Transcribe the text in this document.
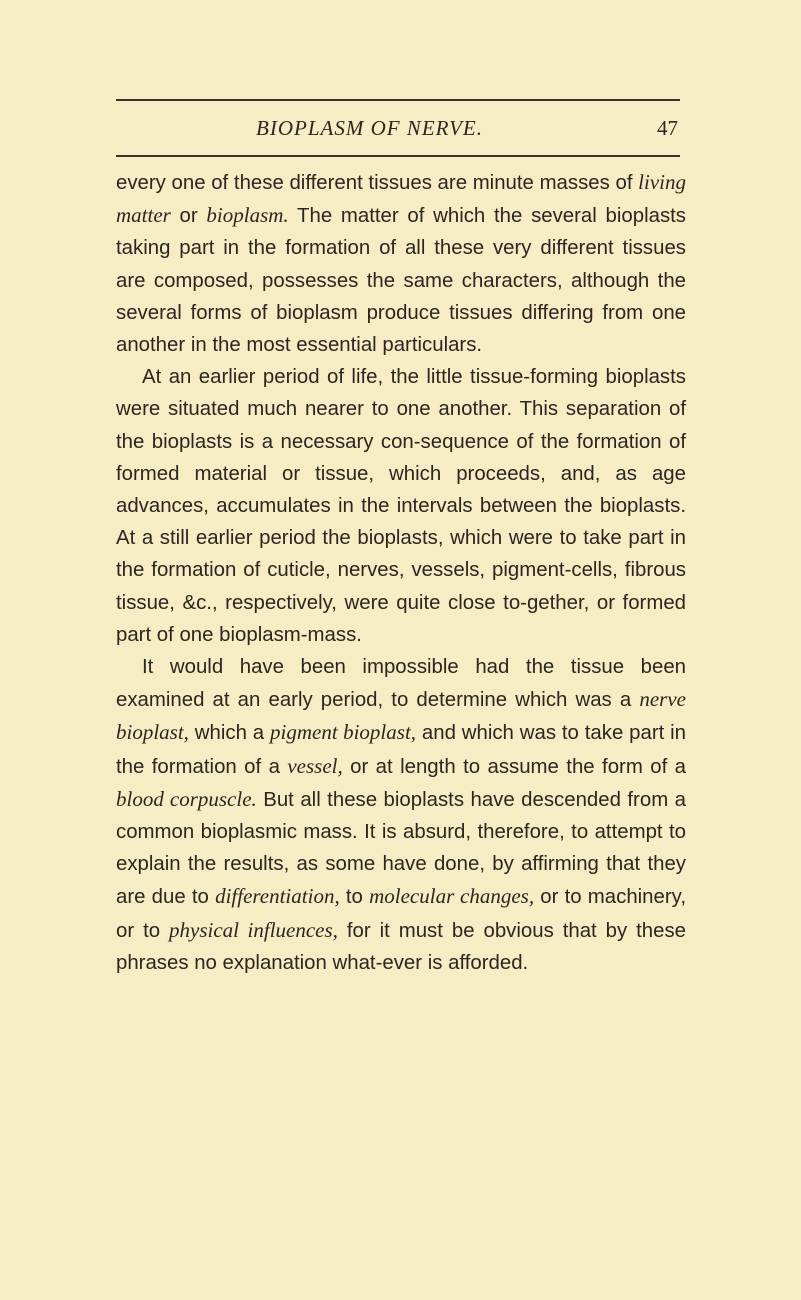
BIOPLASM OF NERVE.	47

every one of these different tissues are minute masses of living matter or bioplasm. The matter of which the several bioplasts taking part in the formation of all these very different tissues are composed, possesses the same characters, although the several forms of bioplasm produce tissues differing from one another in the most essential particulars.

At an earlier period of life, the little tissue-forming bioplasts were situated much nearer to one another. This separation of the bioplasts is a necessary con-sequence of the formation of formed material or tissue, which proceeds, and, as age advances, accumulates in the intervals between the bioplasts. At a still earlier period the bioplasts, which were to take part in the formation of cuticle, nerves, vessels, pigment-cells, fibrous tissue, &c., respectively, were quite close to-gether, or formed part of one bioplasm-mass.

It would have been impossible had the tissue been examined at an early period, to determine which was a nerve bioplast, which a pigment bioplast, and which was to take part in the formation of a vessel, or at length to assume the form of a blood corpuscle. But all these bioplasts have descended from a common bioplasmic mass. It is absurd, therefore, to attempt to explain the results, as some have done, by affirming that they are due to differentiation, to molecular changes, or to machinery, or to physical influences, for it must be obvious that by these phrases no explanation what-ever is afforded.
